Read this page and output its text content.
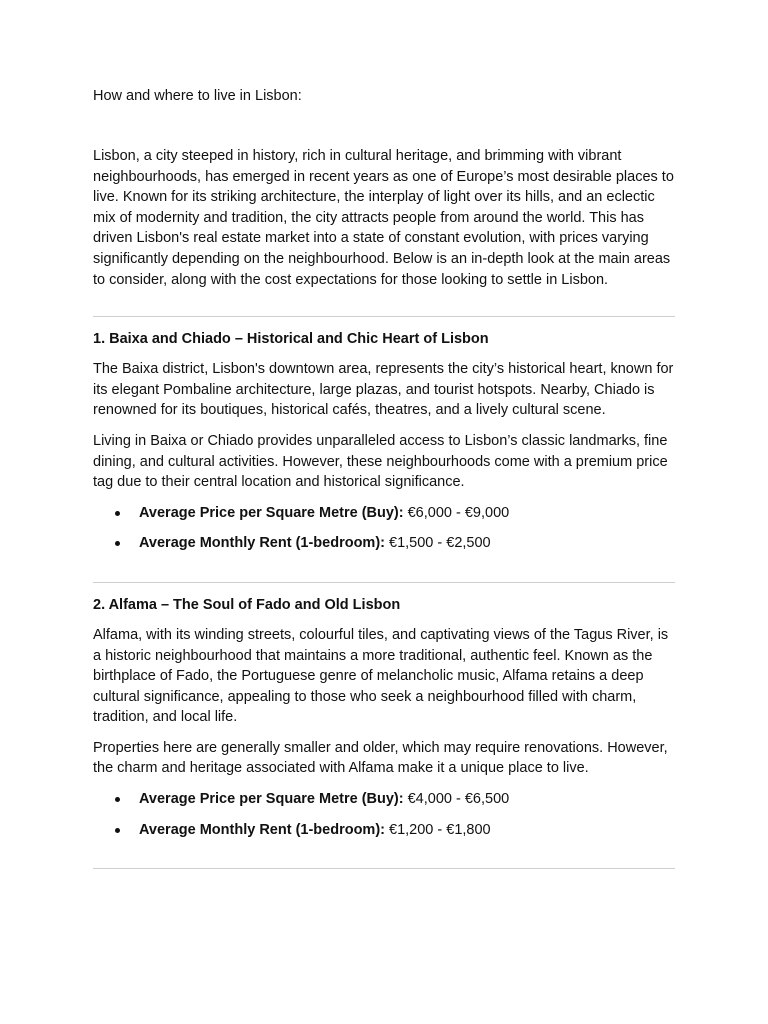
How and where to live in Lisbon:

Lisbon, a city steeped in history, rich in cultural heritage, and brimming with vibrant neighbourhoods, has emerged in recent years as one of Europe’s most desirable places to live. Known for its striking architecture, the interplay of light over its hills, and an eclectic mix of modernity and tradition, the city attracts people from around the world. This has driven Lisbon's real estate market into a state of constant evolution, with prices varying significantly depending on the neighbourhood. Below is an in-depth look at the main areas to consider, along with the cost expectations for those looking to settle in Lisbon.

1. Baixa and Chiado – Historical and Chic Heart of Lisbon

The Baixa district, Lisbon's downtown area, represents the city’s historical heart, known for its elegant Pombaline architecture, large plazas, and tourist hotspots. Nearby, Chiado is renowned for its boutiques, historical cafés, theatres, and a lively cultural scene.

Living in Baixa or Chiado provides unparalleled access to Lisbon’s classic landmarks, fine dining, and cultural activities. However, these neighbourhoods come with a premium price tag due to their central location and historical significance.

Average Price per Square Metre (Buy): €6,000 - €9,000
Average Monthly Rent (1-bedroom): €1,500 - €2,500

2. Alfama – The Soul of Fado and Old Lisbon

Alfama, with its winding streets, colourful tiles, and captivating views of the Tagus River, is a historic neighbourhood that maintains a more traditional, authentic feel. Known as the birthplace of Fado, the Portuguese genre of melancholic music, Alfama retains a deep cultural significance, appealing to those who seek a neighbourhood filled with charm, tradition, and local life.

Properties here are generally smaller and older, which may require renovations. However, the charm and heritage associated with Alfama make it a unique place to live.

Average Price per Square Metre (Buy): €4,000 - €6,500
Average Monthly Rent (1-bedroom): €1,200 - €1,800
